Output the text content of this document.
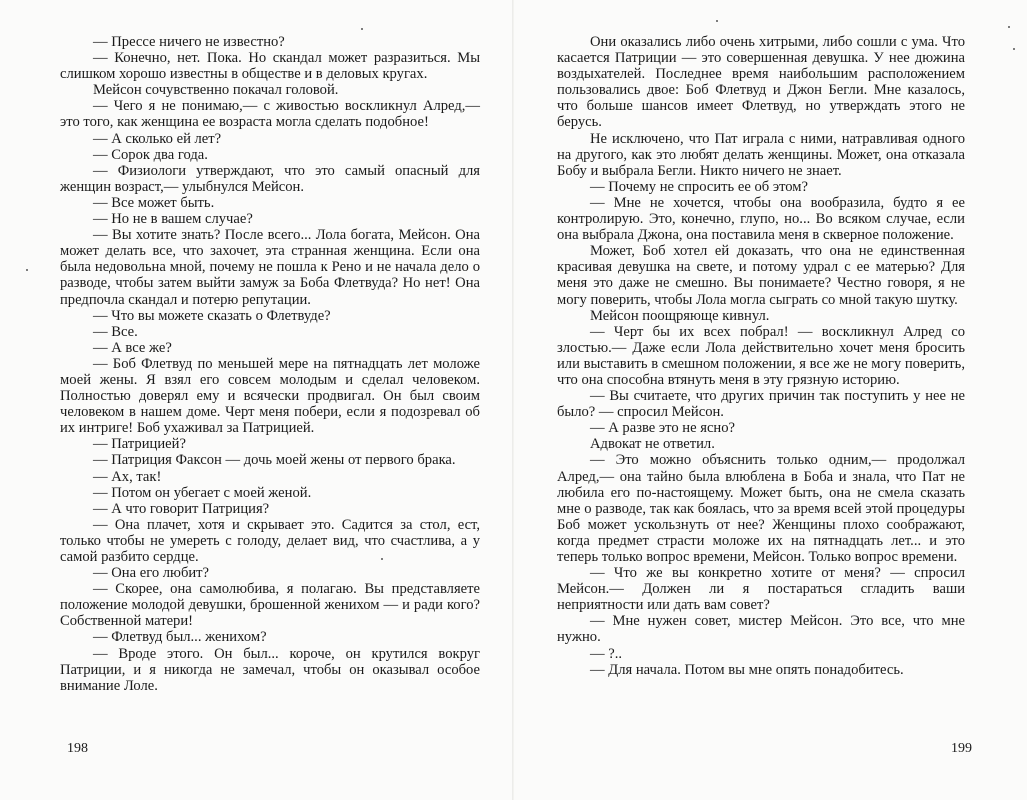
— Прессе ничего не известно?

— Конечно, нет. Пока. Но скандал может разразиться. Мы слишком хорошо известны в обществе и в деловых кругах.

Мейсон сочувственно покачал головой.

— Чего я не понимаю,— с живостью воскликнул Алред,— это того, как женщина ее возраста могла сделать подобное!

— А сколько ей лет?

— Сорок два года.

— Физиологи утверждают, что это самый опасный для женщин возраст,— улыбнулся Мейсон.

— Все может быть.

— Но не в вашем случае?

— Вы хотите знать? После всего... Лола богата, Мейсон. Она может делать все, что захочет, эта странная женщина. Если она была недовольна мной, почему не пошла к Рено и не начала дело о разводе, чтобы затем выйти замуж за Боба Флетвуда? Но нет! Она предпочла скандал и потерю репутации.

— Что вы можете сказать о Флетвуде?

— Все.

— А все же?

— Боб Флетвуд по меньшей мере на пятнадцать лет моложе моей жены. Я взял его совсем молодым и сделал человеком. Полностью доверял ему и всячески продвигал. Он был своим человеком в нашем доме. Черт меня побери, если я подозревал об их интриге! Боб ухаживал за Патрицией.

— Патрицией?

— Патриция Факсон — дочь моей жены от первого брака.

— Ах, так!

— Потом он убегает с моей женой.

— А что говорит Патриция?

— Она плачет, хотя и скрывает это. Садится за стол, ест, только чтобы не умереть с голоду, делает вид, что счастлива, а у самой разбито сердце.

— Она его любит?

— Скорее, она самолюбива, я полагаю. Вы представляете положение молодой девушки, брошенной женихом — и ради кого? Собственной матери!

— Флетвуд был... женихом?

— Вроде этого. Он был... короче, он крутился вокруг Патриции, и я никогда не замечал, чтобы он оказывал особое внимание Лоле.

198

Они оказались либо очень хитрыми, либо сошли с ума. Что касается Патриции — это совершенная девушка. У нее дюжина воздыхателей. Последнее время наибольшим расположением пользовались двое: Боб Флетвуд и Джон Бегли. Мне казалось, что больше шансов имеет Флетвуд, но утверждать этого не берусь.

Не исключено, что Пат играла с ними, натравливая одного на другого, как это любят делать женщины. Может, она отказала Бобу и выбрала Бегли. Никто ничего не знает.

— Почему не спросить ее об этом?

— Мне не хочется, чтобы она вообразила, будто я ее контролирую. Это, конечно, глупо, но... Во всяком случае, если она выбрала Джона, она поставила меня в скверное положение.

Может, Боб хотел ей доказать, что она не единственная красивая девушка на свете, и потому удрал с ее матерью? Для меня это даже не смешно. Вы понимаете? Честно говоря, я не могу поверить, чтобы Лола могла сыграть со мной такую шутку.

Мейсон поощряюще кивнул.

— Черт бы их всех побрал! — воскликнул Алред со злостью.— Даже если Лола действительно хочет меня бросить или выставить в смешном положении, я все же не могу поверить, что она способна втянуть меня в эту грязную историю.

— Вы считаете, что других причин так поступить у нее не было? — спросил Мейсон.

— А разве это не ясно?

Адвокат не ответил.

— Это можно объяснить только одним,— продолжал Алред,— она тайно была влюблена в Боба и знала, что Пат не любила его по-настоящему. Может быть, она не смела сказать мне о разводе, так как боялась, что за время всей этой процедуры Боб может ускользнуть от нее? Женщины плохо соображают, когда предмет страсти моложе их на пятнадцать лет... и это теперь только вопрос времени, Мейсон. Только вопрос времени.

— Что же вы конкретно хотите от меня? — спросил Мейсон.— Должен ли я постараться сгладить ваши неприятности или дать вам совет?

— Мне нужен совет, мистер Мейсон. Это все, что мне нужно.

— ?..

— Для начала. Потом вы мне опять понадобитесь.

199
